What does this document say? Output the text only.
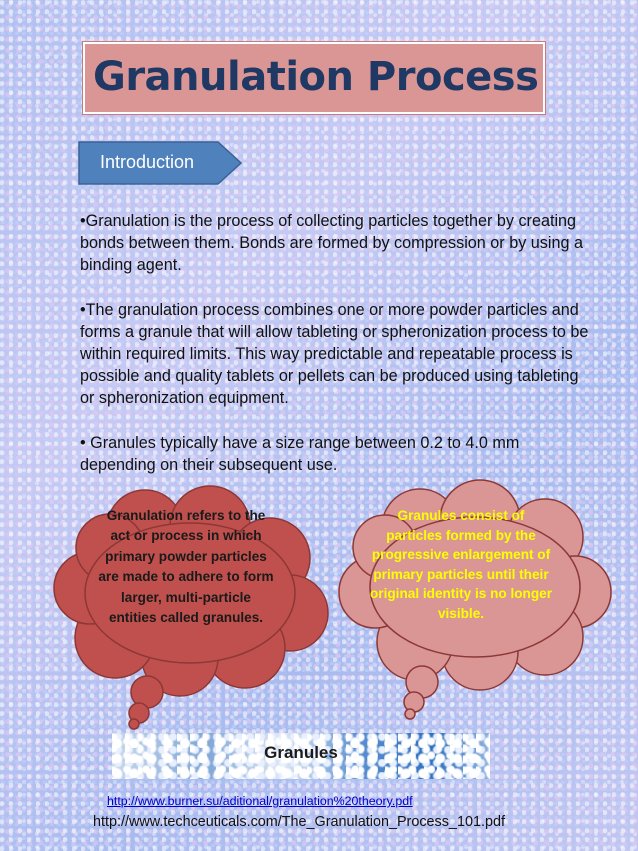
Granulation Process
Introduction

•Granulation is the process of collecting particles together by creating bonds between them. Bonds are formed by compression or by using a binding agent.

•The granulation process combines one or more powder particles and forms a granule that will allow tableting or spheronization process to be within required limits. This way predictable and repeatable process is possible and quality tablets or pellets can be produced using tableting or spheronization equipment.

• Granules typically have a size range between 0.2 to 4.0 mm depending on their subsequent use.

Granulation refers to the act or process in which primary powder particles are made to adhere to form larger, multi-particle entities called granules.
Granules consist of particles formed by the progressive enlargement of primary particles until their original identity is no longer visible.
Granules
http://www.burner.su/aditional/granulation%20theory.pdf
http://www.techceuticals.com/The_Granulation_Process_101.pdf
